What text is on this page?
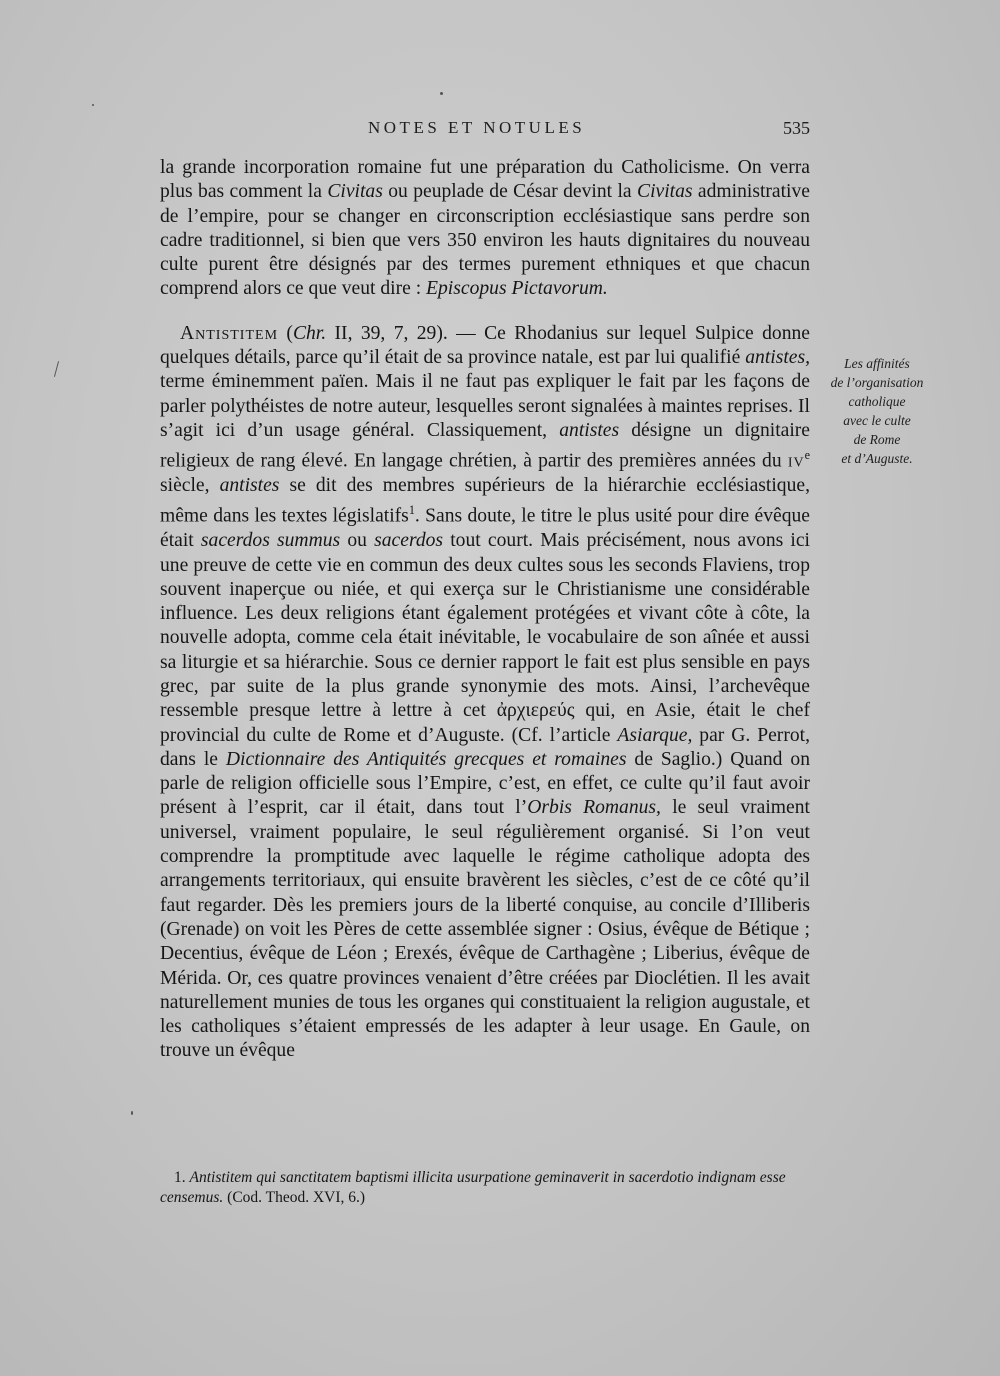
NOTES ET NOTULES	535

la grande incorporation romaine fut une préparation du Catholicisme. On verra plus bas comment la Civitas ou peuplade de César devint la Civitas administrative de l’empire, pour se changer en circonscription ecclésiastique sans perdre son cadre traditionnel, si bien que vers 350 environ les hauts dignitaires du nouveau culte purent être désignés par des termes purement ethniques et que chacun comprend alors ce que veut dire : Episcopus Pictavorum.

Antistitem (Chr. II, 39, 7, 29). — Ce Rhodanius sur lequel Sulpice donne quelques détails, parce qu’il était de sa province natale, est par lui qualifié antistes, terme éminemment païen. Mais il ne faut pas expliquer le fait par les façons de parler polythéistes de notre auteur, lesquelles seront signalées à maintes reprises. Il s’agit ici d’un usage général. Classiquement, antistes désigne un dignitaire religieux de rang élevé. En langage chrétien, à partir des premières années du $iv^e$ siècle, antistes se dit des membres supérieurs de la hiérarchie ecclésiastique, même dans les textes législatifs$^1$. Sans doute, le titre le plus usité pour dire évêque était sacerdos summus ou sacerdos tout court. Mais précisément, nous avons ici une preuve de cette vie en commun des deux cultes sous les seconds Flaviens, trop souvent inaperçue ou niée, et qui exerça sur le Christianisme une considérable influence. Les deux religions étant également protégées et vivant côte à côte, la nouvelle adopta, comme cela était inévitable, le vocabulaire de son aînée et aussi sa liturgie et sa hiérarchie. Sous ce dernier rapport le fait est plus sensible en pays grec, par suite de la plus grande synonymie des mots. Ainsi, l’archevêque ressemble presque lettre à lettre à cet ἀρχιερεύς qui, en Asie, était le chef provincial du culte de Rome et d’Auguste. (Cf. l’article Asiarque, par G. Perrot, dans le Dictionnaire des Antiquités grecques et romaines de Saglio.) Quand on parle de religion officielle sous l’Empire, c’est, en effet, ce culte qu’il faut avoir présent à l’esprit, car il était, dans tout l’Orbis Romanus, le seul vraiment universel, vraiment populaire, le seul régulièrement organisé. Si l’on veut comprendre la promptitude avec laquelle le régime catholique adopta des arrangements territoriaux, qui ensuite bravèrent les siècles, c’est de ce côté qu’il faut regarder. Dès les premiers jours de la liberté conquise, au concile d’Illiberis (Grenade) on voit les Pères de cette assemblée signer : Osius, évêque de Bétique ; Decentius, évêque de Léon ; Erexés, évêque de Carthagène ; Liberius, évêque de Mérida. Or, ces quatre provinces venaient d’être créées par Dioclétien. Il les avait naturellement munies de tous les organes qui constituaient la religion augustale, et les catholiques s’étaient empressés de les adapter à leur usage. En Gaule, on trouve un évêque

Les affinités
de l’organisation
catholique
avec le culte
de Rome
et d’Auguste.

1. Antistitem qui sanctitatem baptismi illicita usurpatione geminaverit in sacerdotio indignam esse censemus. (Cod. Theod. XVI, 6.)
